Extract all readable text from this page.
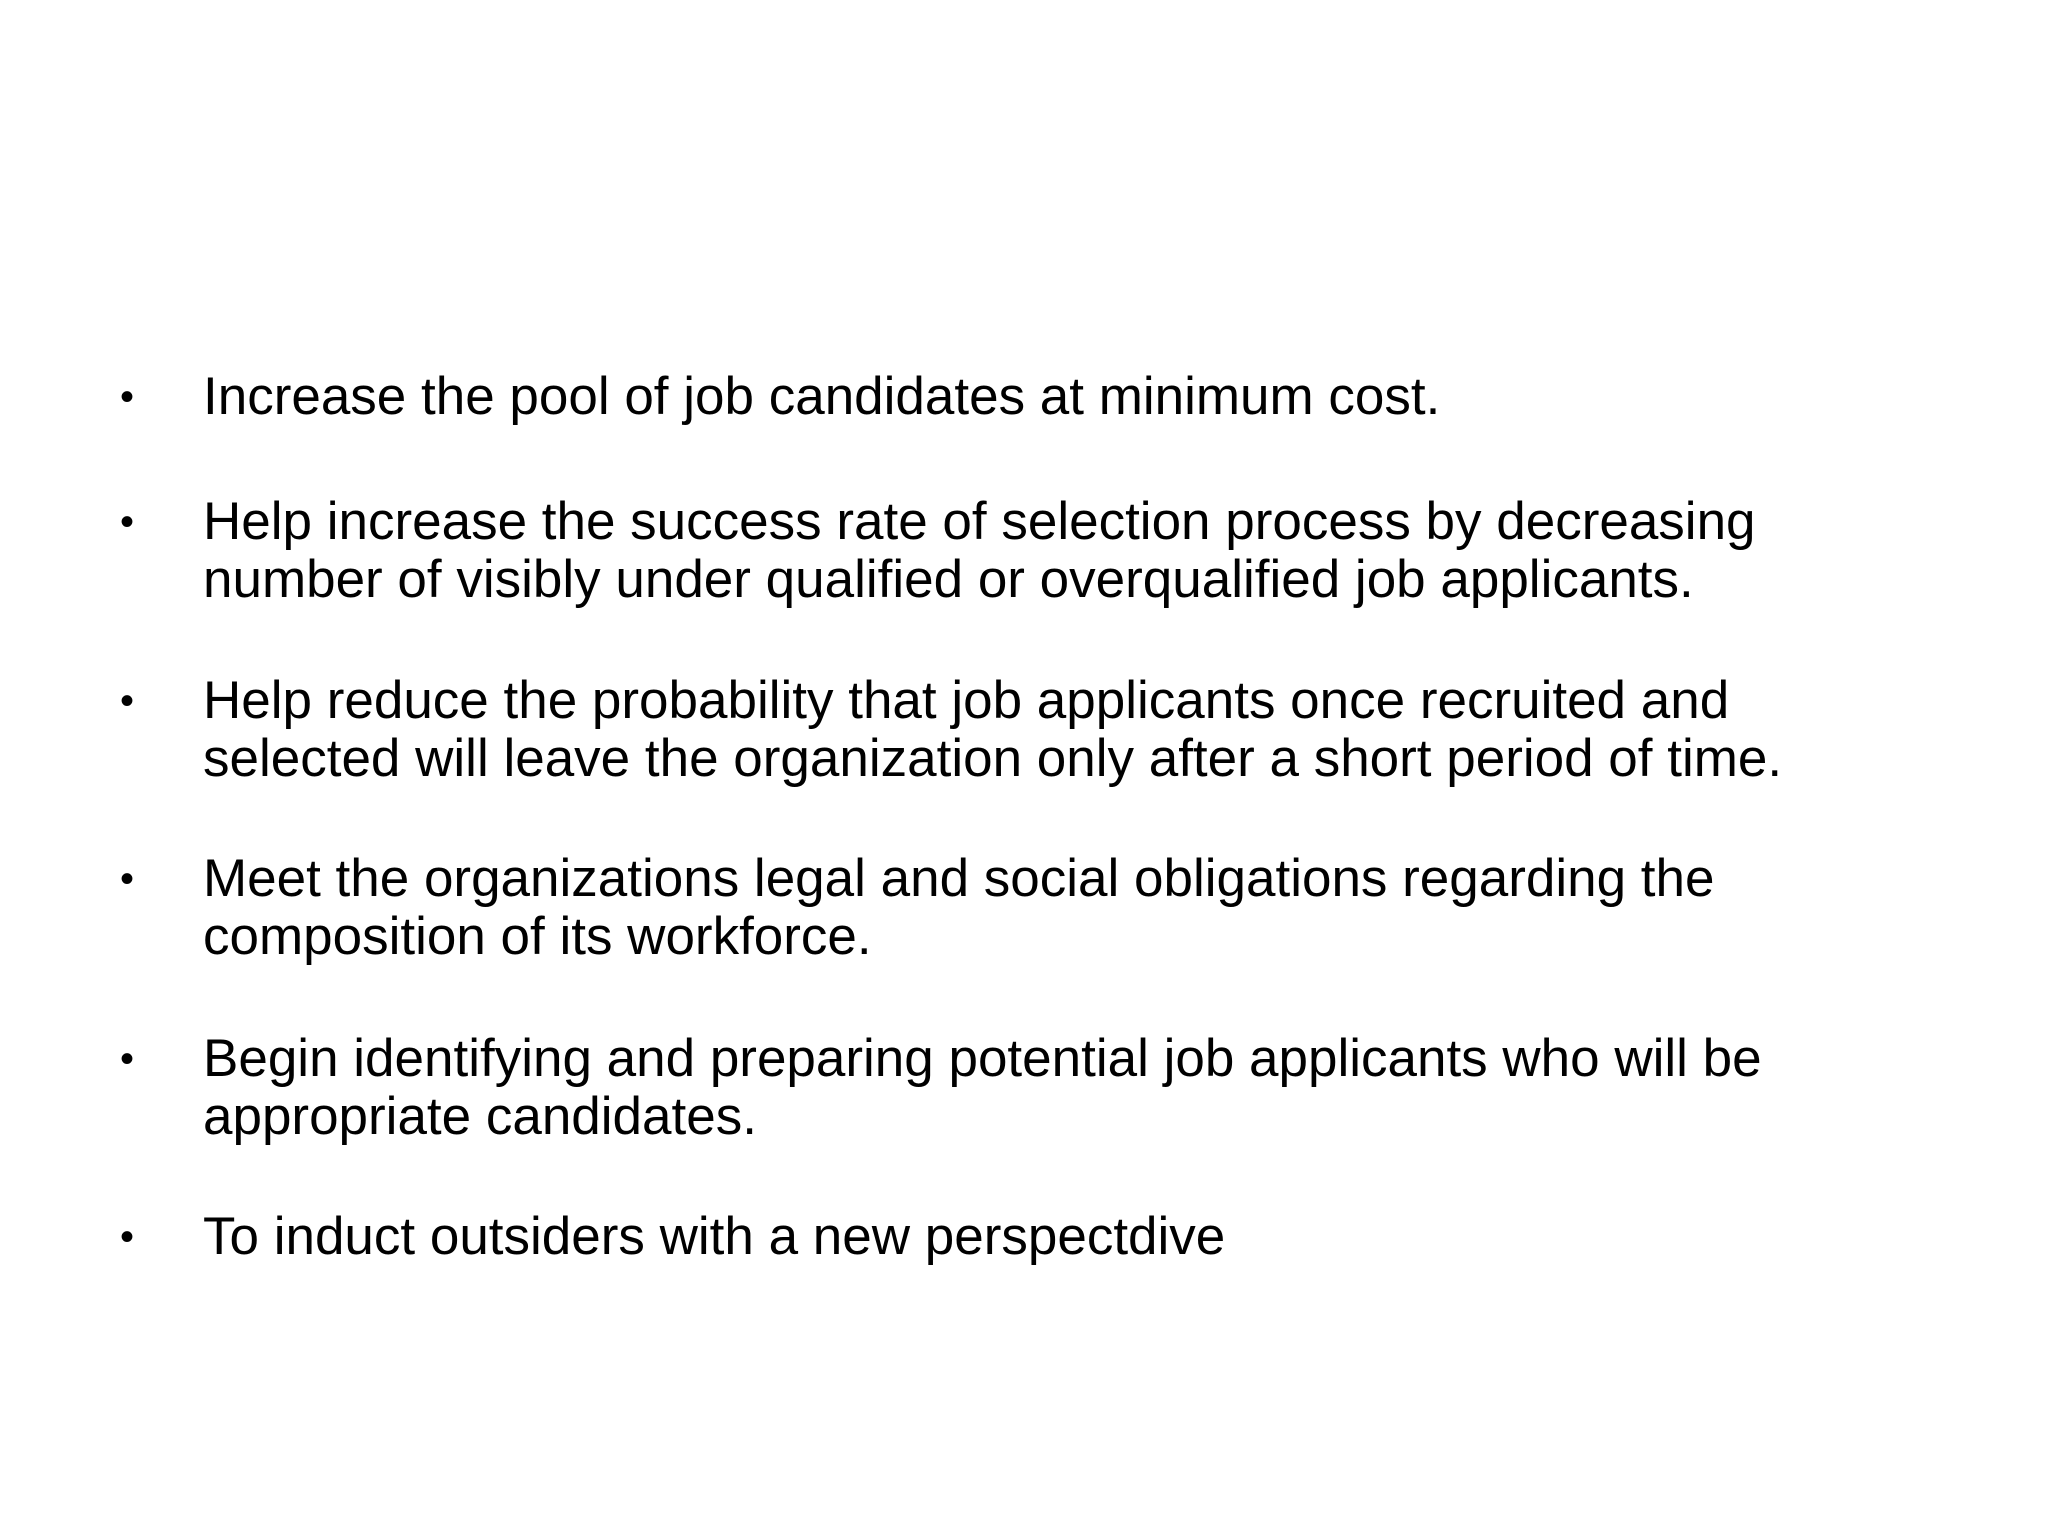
•	Increase the pool of job candidates at minimum cost.
•	Help increase the success rate of selection process by decreasing
number of visibly under qualified or overqualified job applicants.
•	Help reduce the probability that job applicants once recruited and
selected will leave the organization only after a short period of time.
•	Meet the organizations legal and social obligations regarding the
composition of its workforce.
•	Begin identifying and preparing potential job applicants who will be
appropriate candidates.
•	To induct outsiders with a new perspectdive
